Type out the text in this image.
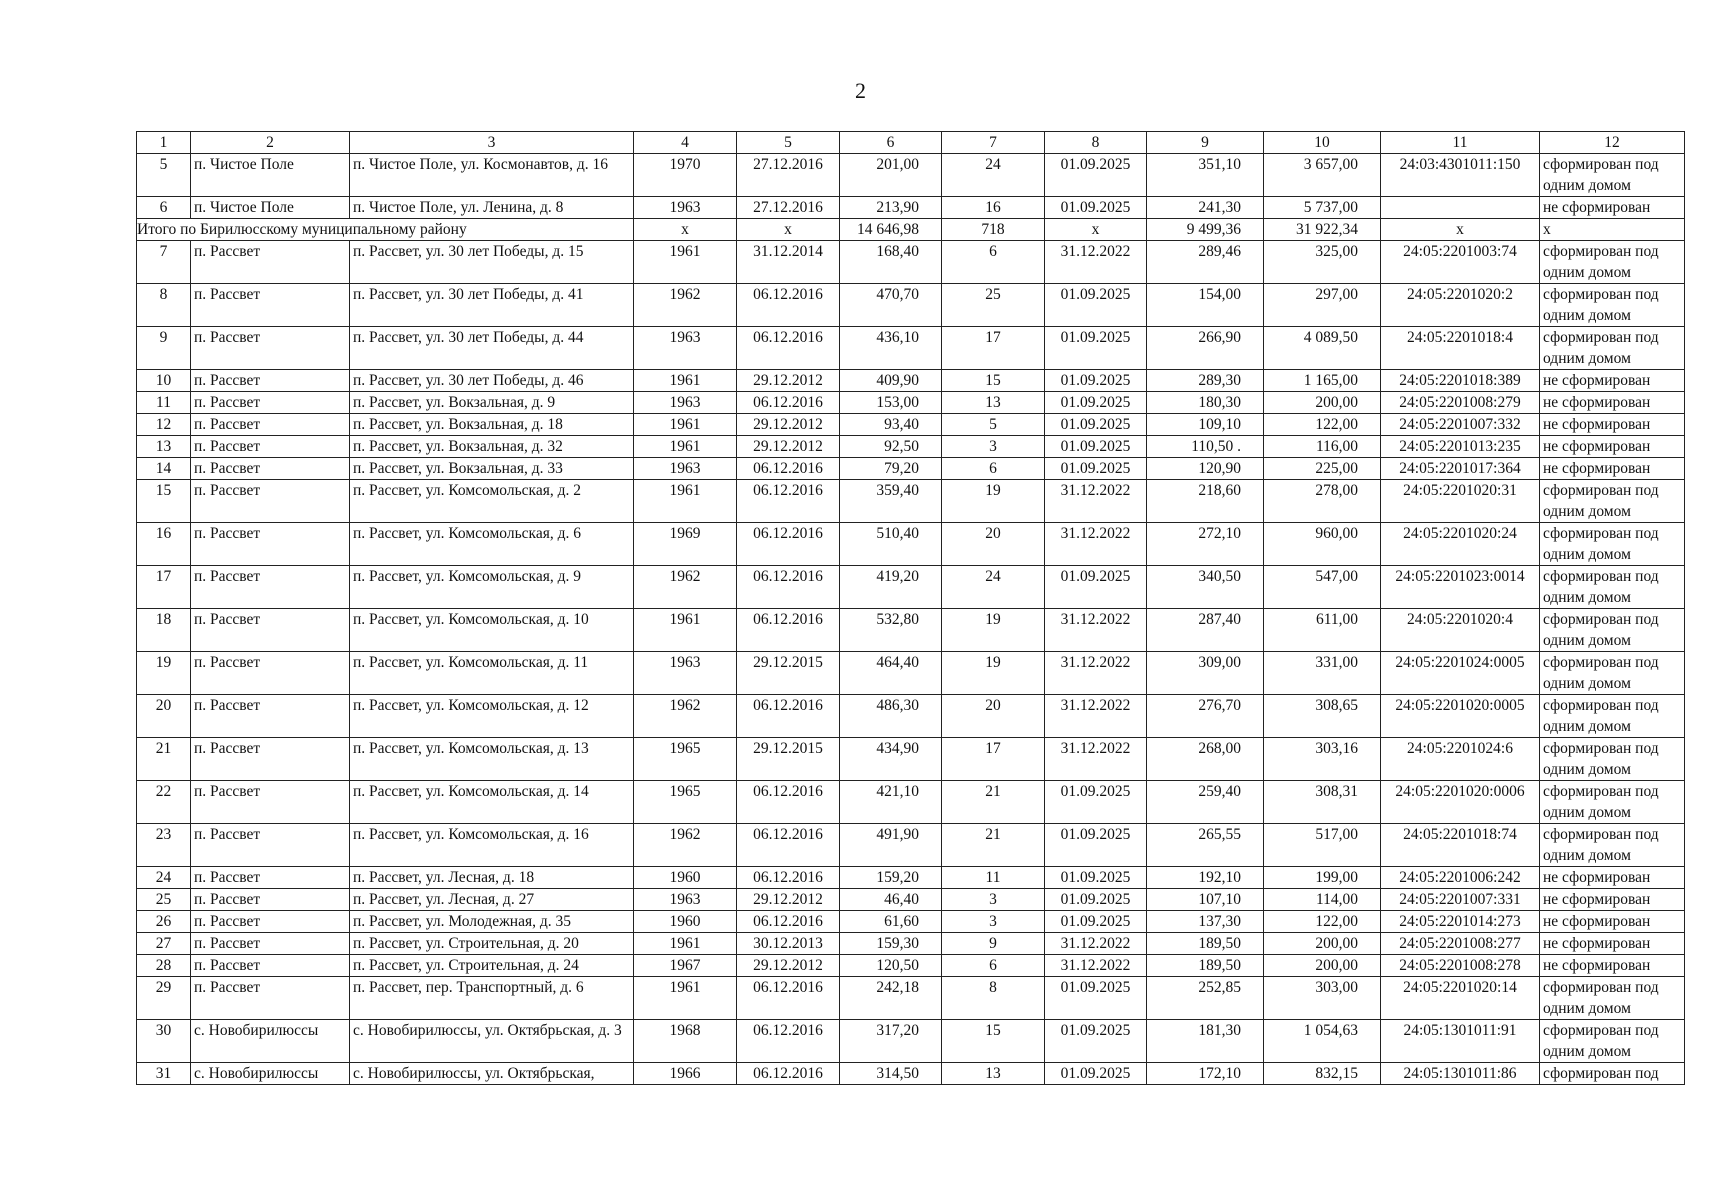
2
1	2	3	4	5	6	7	8	9	10	11	12
5	п. Чистое Поле	п. Чистое Поле, ул. Космонавтов, д. 16	1970	27.12.2016	201,00	24	01.09.2025	351,10	3 657,00	24:03:4301011:150	сформирован под одним домом
6	п. Чистое Поле	п. Чистое Поле, ул. Ленина, д. 8	1963	27.12.2016	213,90	16	01.09.2025	241,30	5 737,00		не сформирован
Итого по Бирилюсскому муниципальному району			х	х	14 646,98	718	х	9 499,36	31 922,34	х	х
7	п. Рассвет	п. Рассвет, ул. 30 лет Победы, д. 15	1961	31.12.2014	168,40	6	31.12.2022	289,46	325,00	24:05:2201003:74	сформирован под одним домом
8	п. Рассвет	п. Рассвет, ул. 30 лет Победы, д. 41	1962	06.12.2016	470,70	25	01.09.2025	154,00	297,00	24:05:2201020:2	сформирован под одним домом
9	п. Рассвет	п. Рассвет, ул. 30 лет Победы, д. 44	1963	06.12.2016	436,10	17	01.09.2025	266,90	4 089,50	24:05:2201018:4	сформирован под одним домом
10	п. Рассвет	п. Рассвет, ул. 30 лет Победы, д. 46	1961	29.12.2012	409,90	15	01.09.2025	289,30	1 165,00	24:05:2201018:389	не сформирован
11	п. Рассвет	п. Рассвет, ул. Вокзальная, д. 9	1963	06.12.2016	153,00	13	01.09.2025	180,30	200,00	24:05:2201008:279	не сформирован
12	п. Рассвет	п. Рассвет, ул. Вокзальная, д. 18	1961	29.12.2012	93,40	5	01.09.2025	109,10	122,00	24:05:2201007:332	не сформирован
13	п. Рассвет	п. Рассвет, ул. Вокзальная, д. 32	1961	29.12.2012	92,50	3	01.09.2025	110,50 .	116,00	24:05:2201013:235	не сформирован
14	п. Рассвет	п. Рассвет, ул. Вокзальная, д. 33	1963	06.12.2016	79,20	6	01.09.2025	120,90	225,00	24:05:2201017:364	не сформирован
15	п. Рассвет	п. Рассвет, ул. Комсомольская, д. 2	1961	06.12.2016	359,40	19	31.12.2022	218,60	278,00	24:05:2201020:31	сформирован под одним домом
16	п. Рассвет	п. Рассвет, ул. Комсомольская, д. 6	1969	06.12.2016	510,40	20	31.12.2022	272,10	960,00	24:05:2201020:24	сформирован под одним домом
17	п. Рассвет	п. Рассвет, ул. Комсомольская, д. 9	1962	06.12.2016	419,20	24	01.09.2025	340,50	547,00	24:05:2201023:0014	сформирован под одним домом
18	п. Рассвет	п. Рассвет, ул. Комсомольская, д. 10	1961	06.12.2016	532,80	19	31.12.2022	287,40	611,00	24:05:2201020:4	сформирован под одним домом
19	п. Рассвет	п. Рассвет, ул. Комсомольская, д. 11	1963	29.12.2015	464,40	19	31.12.2022	309,00	331,00	24:05:2201024:0005	сформирован под одним домом
20	п. Рассвет	п. Рассвет, ул. Комсомольская, д. 12	1962	06.12.2016	486,30	20	31.12.2022	276,70	308,65	24:05:2201020:0005	сформирован под одним домом
21	п. Рассвет	п. Рассвет, ул. Комсомольская, д. 13	1965	29.12.2015	434,90	17	31.12.2022	268,00	303,16	24:05:2201024:6	сформирован под одним домом
22	п. Рассвет	п. Рассвет, ул. Комсомольская, д. 14	1965	06.12.2016	421,10	21	01.09.2025	259,40	308,31	24:05:2201020:0006	сформирован под одним домом
23	п. Рассвет	п. Рассвет, ул. Комсомольская, д. 16	1962	06.12.2016	491,90	21	01.09.2025	265,55	517,00	24:05:2201018:74	сформирован под одним домом
24	п. Рассвет	п. Рассвет, ул. Лесная, д. 18	1960	06.12.2016	159,20	11	01.09.2025	192,10	199,00	24:05:2201006:242	не сформирован
25	п. Рассвет	п. Рассвет, ул. Лесная, д. 27	1963	29.12.2012	46,40	3	01.09.2025	107,10	114,00	24:05:2201007:331	не сформирован
26	п. Рассвет	п. Рассвет, ул. Молодежная, д. 35	1960	06.12.2016	61,60	3	01.09.2025	137,30	122,00	24:05:2201014:273	не сформирован
27	п. Рассвет	п. Рассвет, ул. Строительная, д. 20	1961	30.12.2013	159,30	9	31.12.2022	189,50	200,00	24:05:2201008:277	не сформирован
28	п. Рассвет	п. Рассвет, ул. Строительная, д. 24	1967	29.12.2012	120,50	6	31.12.2022	189,50	200,00	24:05:2201008:278	не сформирован
29	п. Рассвет	п. Рассвет, пер. Транспортный, д. 6	1961	06.12.2016	242,18	8	01.09.2025	252,85	303,00	24:05:2201020:14	сформирован под одним домом
30	с. Новобирилюссы	с. Новобирилюссы, ул. Октябрьская, д. 3	1968	06.12.2016	317,20	15	01.09.2025	181,30	1 054,63	24:05:1301011:91	сформирован под одним домом
31	с. Новобирилюссы	с. Новобирилюссы, ул. Октябрьская,	1966	06.12.2016	314,50	13	01.09.2025	172,10	832,15	24:05:1301011:86	сформирован под
